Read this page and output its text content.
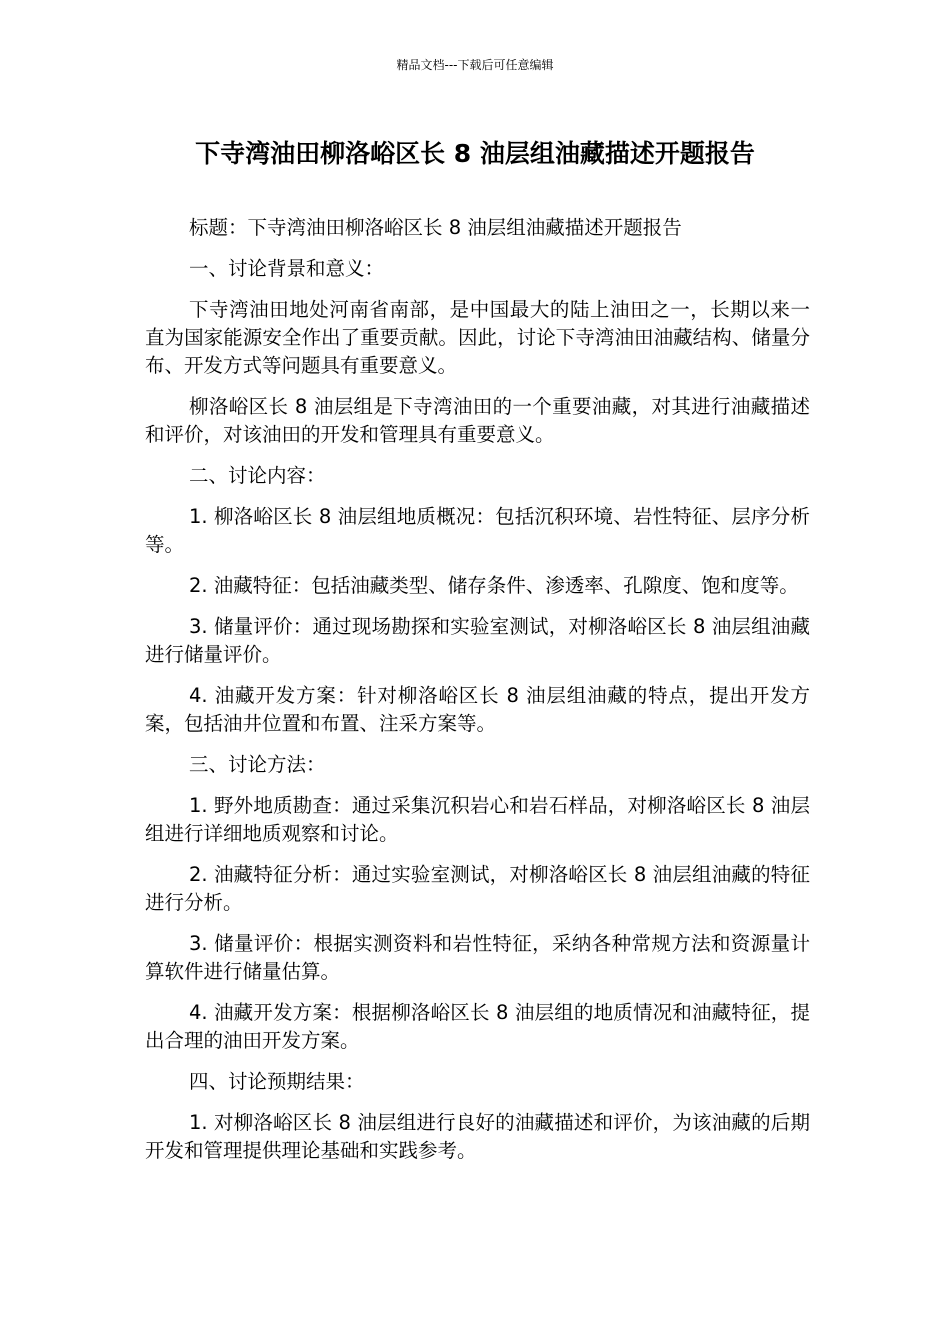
精品文档---下载后可任意编辑
下寺湾油田柳洛峪区长 8 油层组油藏描述开题报告

标题：下寺湾油田柳洛峪区长 8 油层组油藏描述开题报告

一、讨论背景和意义：

下寺湾油田地处河南省南部，是中国最大的陆上油田之一，长期以来一直为国家能源安全作出了重要贡献。因此，讨论下寺湾油田油藏结构、储量分布、开发方式等问题具有重要意义。

柳洛峪区长 8 油层组是下寺湾油田的一个重要油藏，对其进行油藏描述和评价，对该油田的开发和管理具有重要意义。

二、讨论内容：

1. 柳洛峪区长 8 油层组地质概况：包括沉积环境、岩性特征、层序分析等。

2. 油藏特征：包括油藏类型、储存条件、渗透率、孔隙度、饱和度等。

3. 储量评价：通过现场勘探和实验室测试，对柳洛峪区长 8 油层组油藏进行储量评价。

4. 油藏开发方案：针对柳洛峪区长 8 油层组油藏的特点，提出开发方案，包括油井位置和布置、注采方案等。

三、讨论方法：

1. 野外地质勘查：通过采集沉积岩心和岩石样品，对柳洛峪区长 8 油层组进行详细地质观察和讨论。

2. 油藏特征分析：通过实验室测试，对柳洛峪区长 8 油层组油藏的特征进行分析。

3. 储量评价：根据实测资料和岩性特征，采纳各种常规方法和资源量计算软件进行储量估算。

4. 油藏开发方案：根据柳洛峪区长 8 油层组的地质情况和油藏特征，提出合理的油田开发方案。

四、讨论预期结果：

1. 对柳洛峪区长 8 油层组进行良好的油藏描述和评价，为该油藏的后期开发和管理提供理论基础和实践参考。
